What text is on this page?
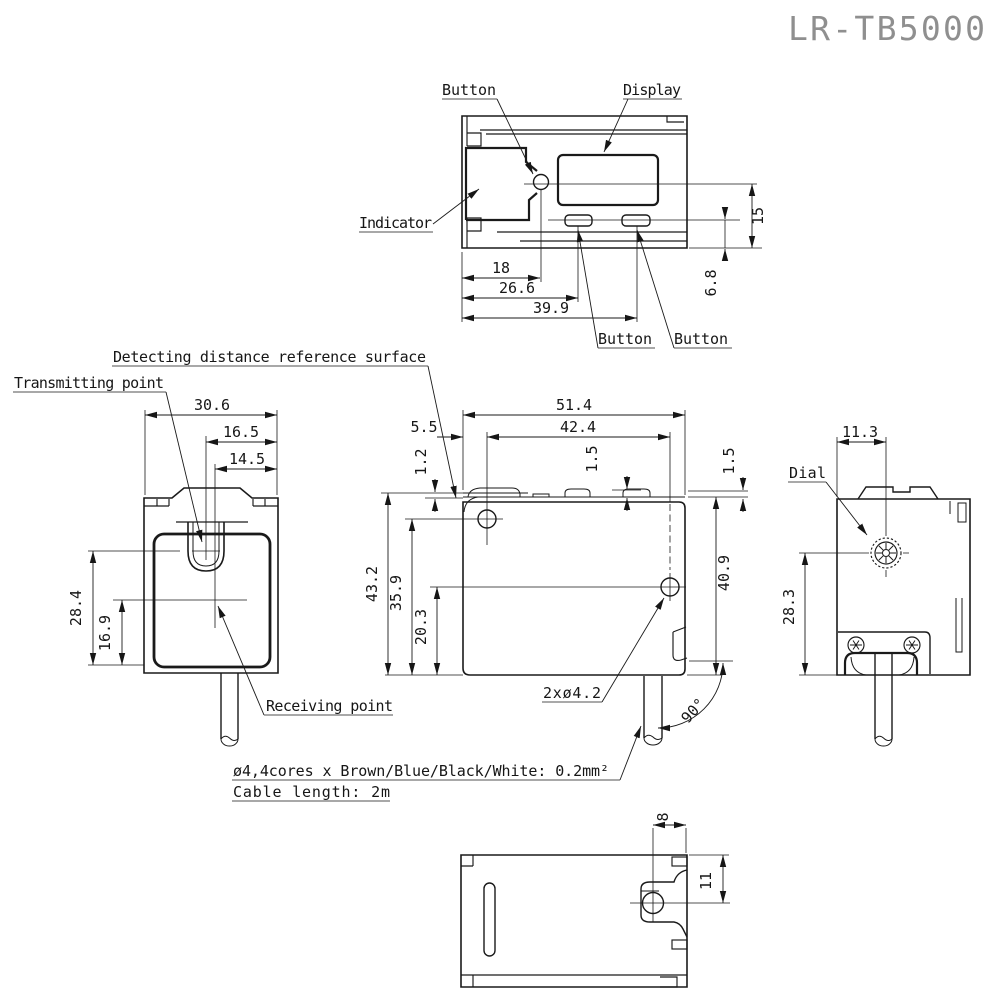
LR-TB5000
Button	Display
Indicator
Button Button
18
26.6
39.9
15
6.8
Transmitting point
Detecting distance reference surface
Receiving point
30.6
16.5
14.5
28.4
16.9
51.4
42.4
5.5
1.2	1.5	1.5
43.2 35.9
20.3
40.9
90°
2xø4.2
Dial
11.3
28.3
8
11
ø4,4cores x Brown/Blue/Black/White: 0.2mm²
Cable length: 2m
